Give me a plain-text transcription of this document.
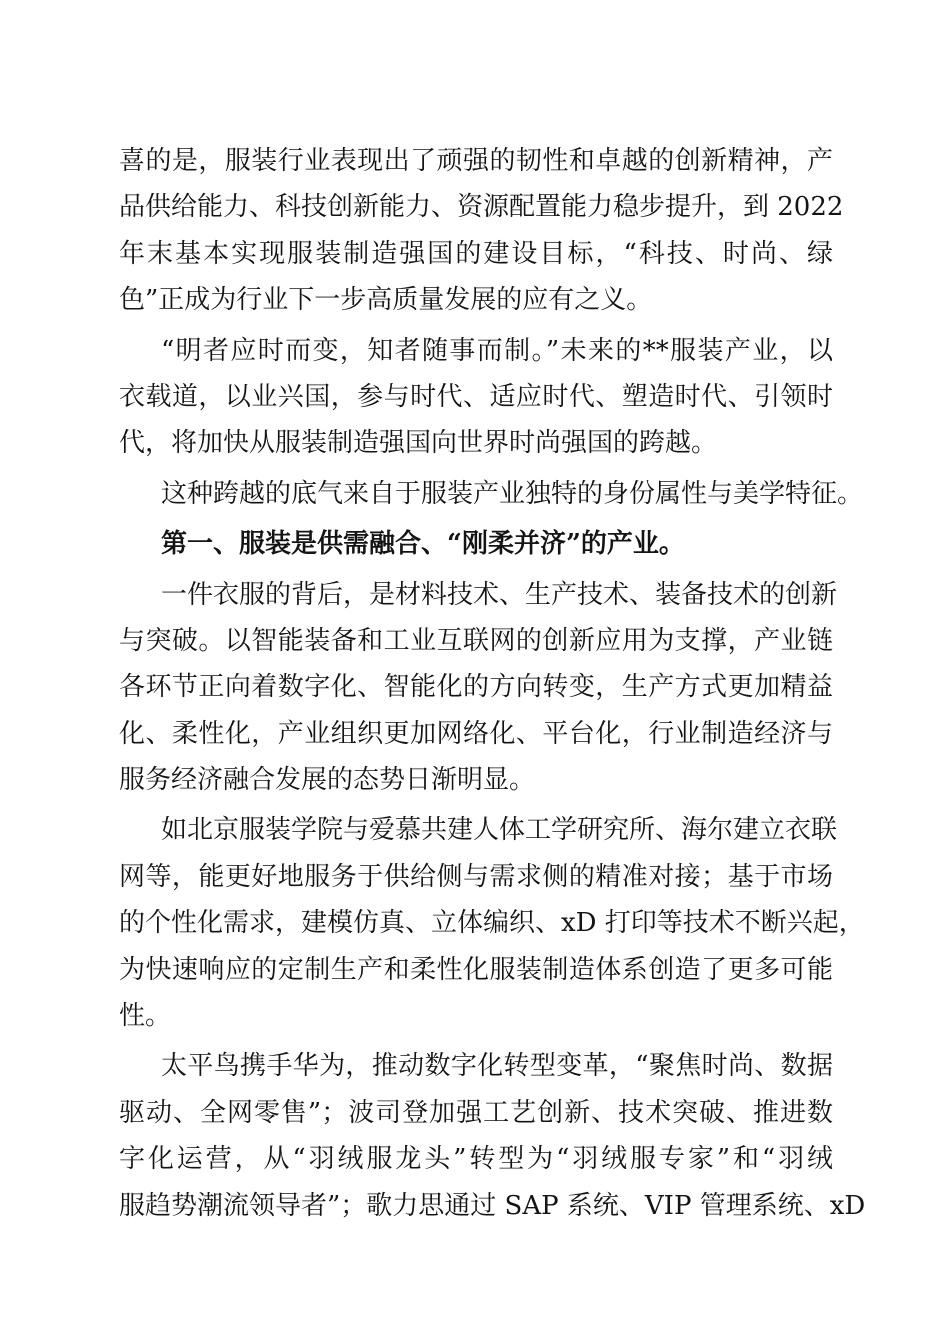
喜的是，服装行业表现出了顽强的韧性和卓越的创新精神，产
品供给能力、科技创新能力、资源配置能力稳步提升，到 2022
年末基本实现服装制造强国的建设目标，“科技、时尚、绿
色”正成为行业下一步高质量发展的应有之义。
“明者应时而变，知者随事而制。”未来的**服装产业，以
衣载道，以业兴国，参与时代、适应时代、塑造时代、引领时
代，将加快从服装制造强国向世界时尚强国的跨越。
这种跨越的底气来自于服装产业独特的身份属性与美学特征。
第一、服装是供需融合、“刚柔并济”的产业。
一件衣服的背后，是材料技术、生产技术、装备技术的创新
与突破。以智能装备和工业互联网的创新应用为支撑，产业链
各环节正向着数字化、智能化的方向转变，生产方式更加精益
化、柔性化，产业组织更加网络化、平台化，行业制造经济与
服务经济融合发展的态势日渐明显。
如北京服装学院与爱慕共建人体工学研究所、海尔建立衣联
网等，能更好地服务于供给侧与需求侧的精准对接；基于市场
的个性化需求，建模仿真、立体编织、xD 打印等技术不断兴起，
为快速响应的定制生产和柔性化服装制造体系创造了更多可能
性。
太平鸟携手华为，推动数字化转型变革，“聚焦时尚、数据
驱动、全网零售”；波司登加强工艺创新、技术突破、推进数
字化运营，从“羽绒服龙头”转型为“羽绒服专家”和“羽绒
服趋势潮流领导者”；歌力思通过 SAP 系统、VIP 管理系统、xD
